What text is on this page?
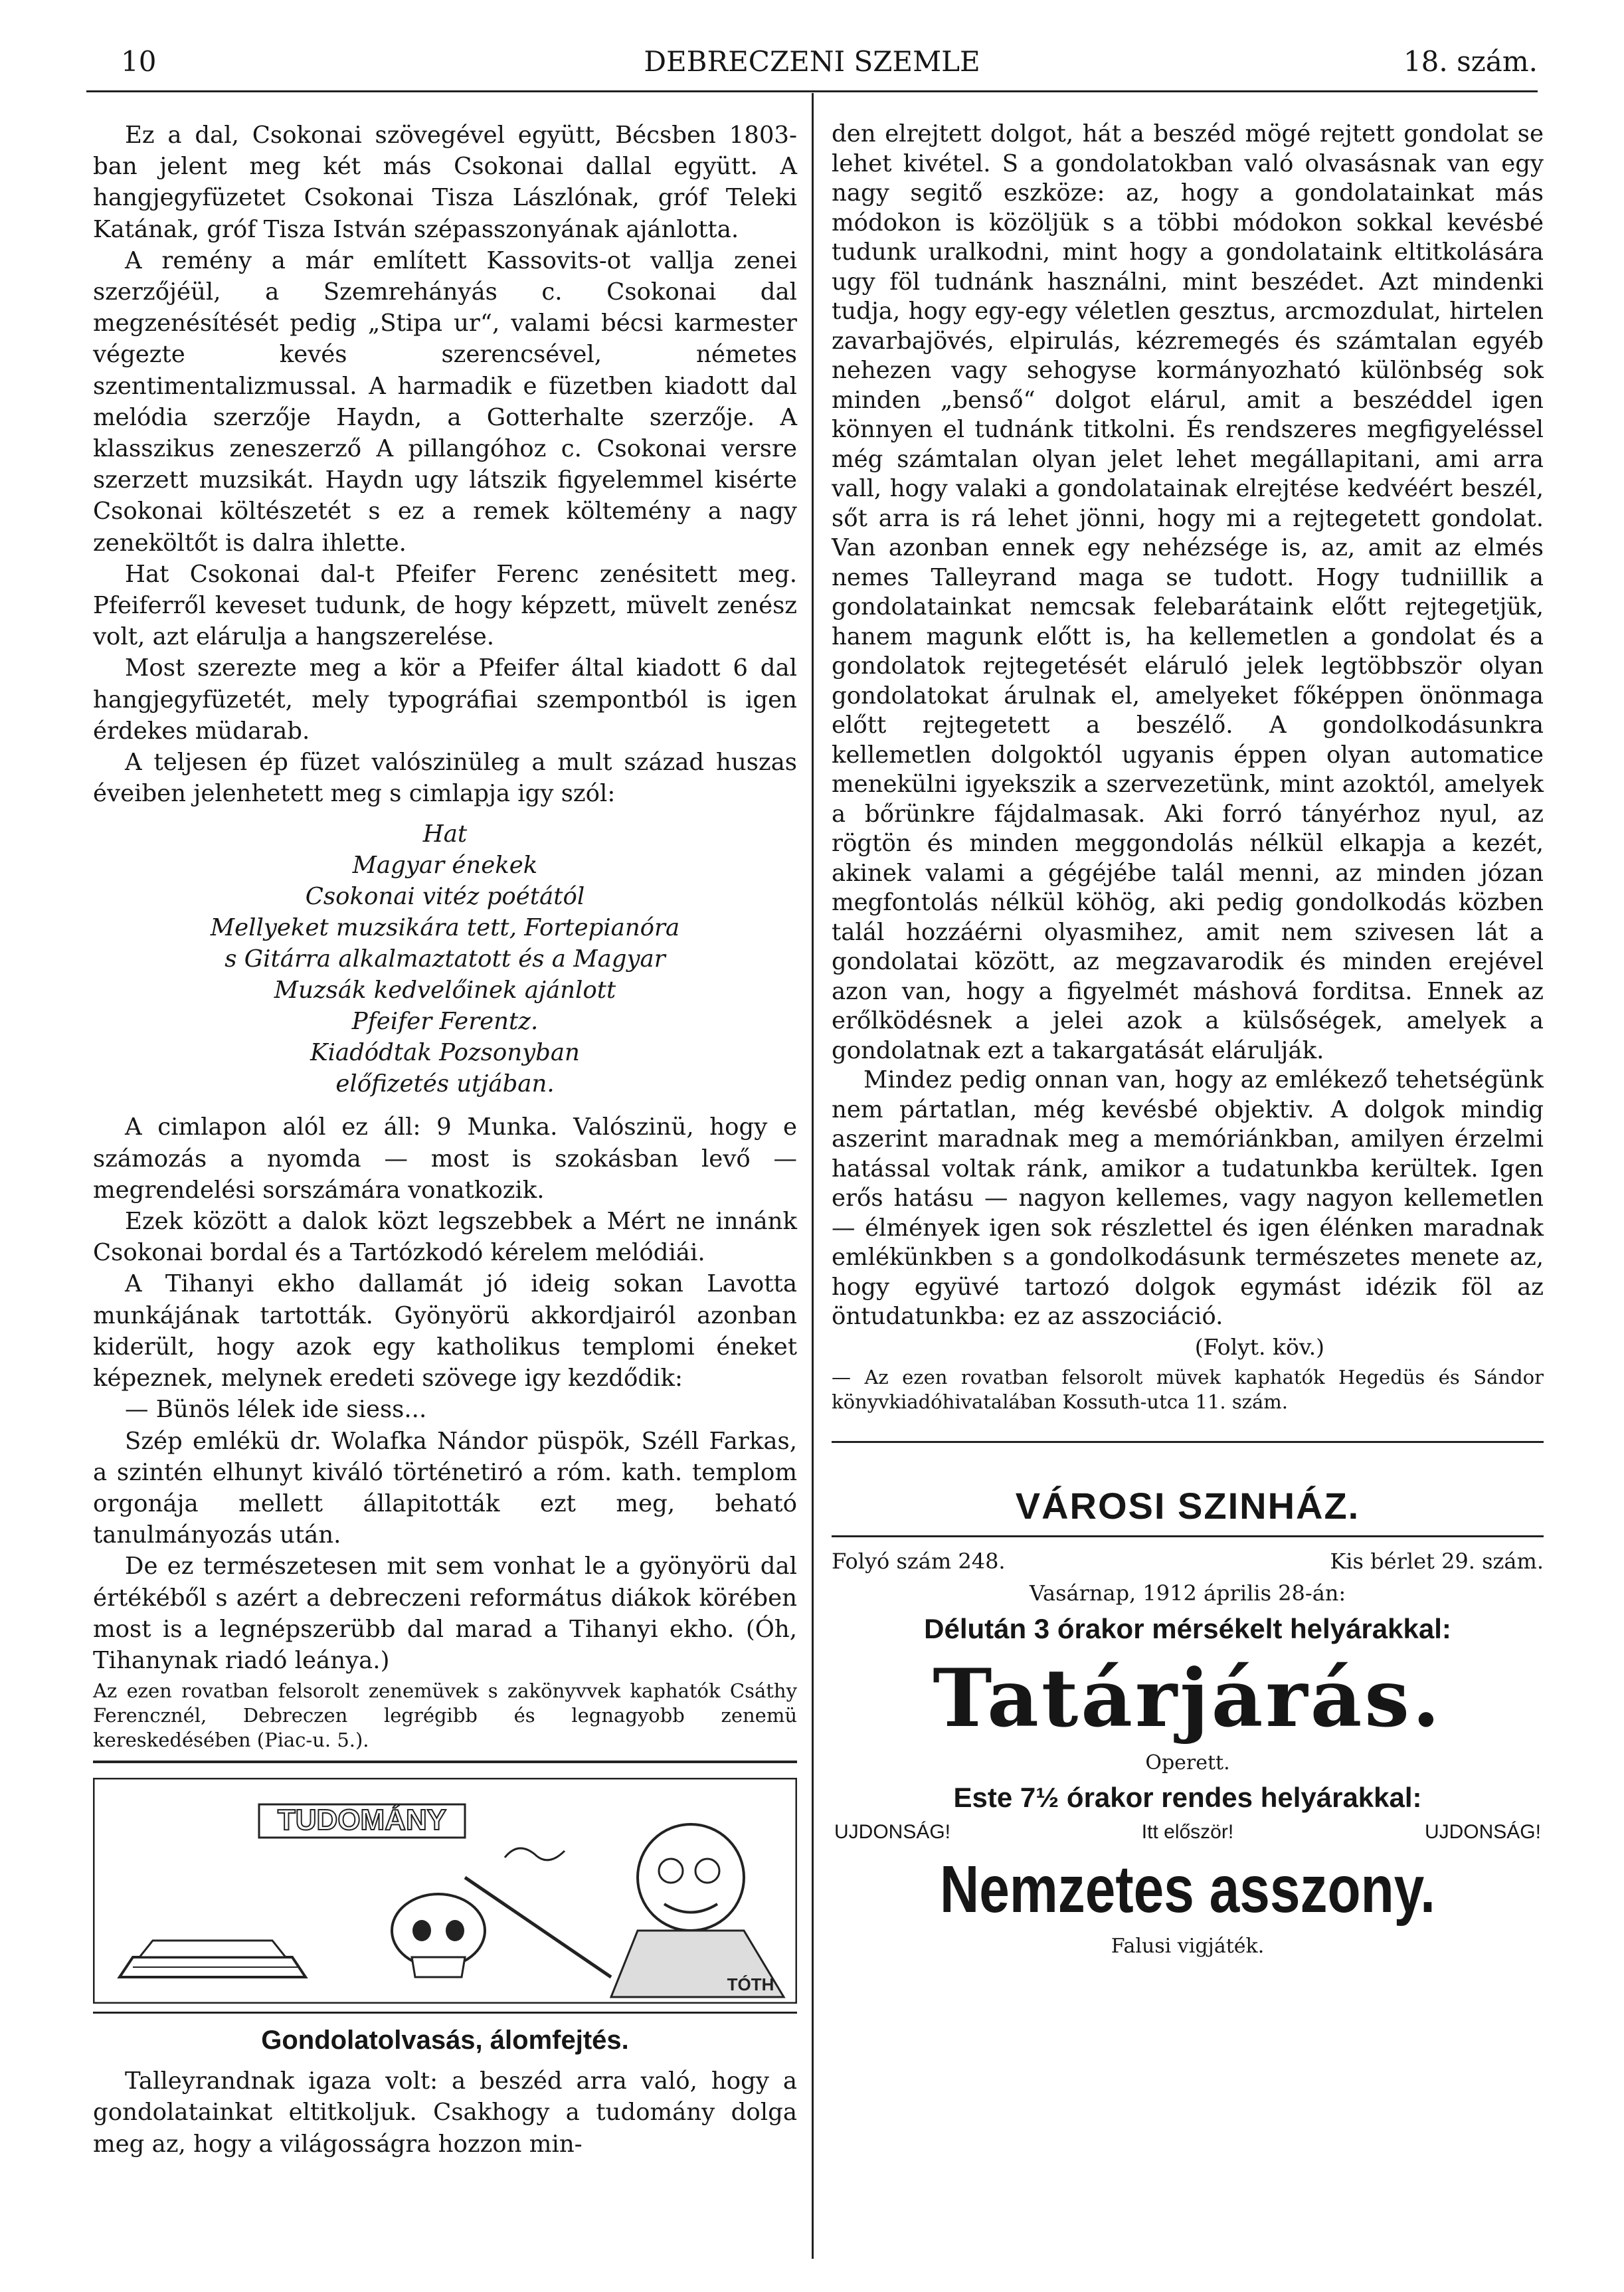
10	DEBRECZENI SZEMLE	18. szám.

Ez a dal, Csokonai szövegével együtt, Bécsben 1803-ban jelent meg két más Csokonai dallal együtt. A hangjegyfüzetet Csokonai Tisza Lászlónak, gróf Teleki Katának, gróf Tisza István szépasszonyának ajánlotta.

A remény a már említett Kassovits-ot vallja zenei szerzőjéül, a Szemrehányás c. Csokonai dal megzenésítését pedig „Stipa ur“, valami bécsi karmester végezte kevés szerencsével, németes szentimentalizmussal. A harmadik e füzetben kiadott dal melódia szerzője Haydn, a Gotterhalte szerzője. A klasszikus zeneszerző A pillangóhoz c. Csokonai versre szerzett muzsikát. Haydn ugy látszik figyelemmel kisérte Csokonai költészetét s ez a remek költemény a nagy zeneköltőt is dalra ihlette.

Hat Csokonai dal-t Pfeifer Ferenc zenésitett meg. Pfeiferről keveset tudunk, de hogy képzett, müvelt zenész volt, azt elárulja a hangszerelése.

Most szerezte meg a kör a Pfeifer által kiadott 6 dal hangjegyfüzetét, mely typográfiai szempontból is igen érdekes müdarab.

A teljesen ép füzet valószinüleg a mult század huszas éveiben jelenhetett meg s cimlapja igy szól:

Hat
Magyar énekek
Csokonai vitéz poétától
Mellyeket muzsikára tett, Fortepianóra
s Gitárra alkalmaztatott és a Magyar
Muzsák kedvelőinek ajánlott
Pfeifer Ferentz.
Kiadódtak Pozsonyban
előfizetés utjában.

A cimlapon alól ez áll: 9 Munka. Valószinü, hogy e számozás a nyomda — most is szokásban levő — megrendelési sorszámára vonatkozik.

Ezek között a dalok közt legszebbek a Mért ne innánk Csokonai bordal és a Tartózkodó kérelem melódiái.

A Tihanyi ekho dallamát jó ideig sokan Lavotta munkájának tartották. Gyönyörü akkordjairól azonban kiderült, hogy azok egy katholikus templomi éneket képeznek, melynek eredeti szövege igy kezdődik:

— Bünös lélek ide siess...

Szép emlékü dr. Wolafka Nándor püspök, Széll Farkas, a szintén elhunyt kiváló történetiró a róm. kath. templom orgonája mellett állapitották ezt meg, beható tanulmányozás után.

De ez természetesen mit sem vonhat le a gyönyörü dal értékéből s azért a debreczeni református diákok körében most is a legnépszerübb dal marad a Tihanyi ekho. (Óh, Tihanynak riadó leánya.)

Az ezen rovatban felsorolt zenemüvek s zakönyvvek kaphatók Csáthy Ferencznél, Debreczen legrégibb és legnagyobb zenemü kereskedésében (Piac-u. 5.).
TUDOMÁNY
TÓTH
Gondolatolvasás, álomfejtés.

Talleyrandnak igaza volt: a beszéd arra való, hogy a gondolatainkat eltitkoljuk. Csakhogy a tudomány dolga meg az, hogy a világosságra hozzon min-

den elrejtett dolgot, hát a beszéd mögé rejtett gondolat se lehet kivétel. S a gondolatokban való olvasásnak van egy nagy segitő eszköze: az, hogy a gondolatainkat más módokon is közöljük s a többi módokon sokkal kevésbé tudunk uralkodni, mint hogy a gondolataink eltitkolására ugy föl tudnánk használni, mint beszédet. Azt mindenki tudja, hogy egy-egy véletlen gesztus, arcmozdulat, hirtelen zavarbajövés, elpirulás, kézremegés és számtalan egyéb nehezen vagy sehogyse kormányozható különbség sok minden „benső“ dolgot elárul, amit a beszéddel igen könnyen el tudnánk titkolni. És rendszeres megfigyeléssel még számtalan olyan jelet lehet megállapitani, ami arra vall, hogy valaki a gondolatainak elrejtése kedvéért beszél, sőt arra is rá lehet jönni, hogy mi a rejtegetett gondolat. Van azonban ennek egy nehézsége is, az, amit az elmés nemes Talleyrand maga se tudott. Hogy tudniillik a gondolatainkat nemcsak felebarátaink előtt rejtegetjük, hanem magunk előtt is, ha kellemetlen a gondolat és a gondolatok rejtegetését eláruló jelek legtöbbször olyan gondolatokat árulnak el, amelyeket főképpen önönmaga előtt rejtegetett a beszélő. A gondolkodásunkra kellemetlen dolgoktól ugyanis éppen olyan automatice menekülni igyekszik a szervezetünk, mint azoktól, amelyek a bőrünkre fájdalmasak. Aki forró tányérhoz nyul, az rögtön és minden meggondolás nélkül elkapja a kezét, akinek valami a gégéjébe talál menni, az minden józan megfontolás nélkül köhög, aki pedig gondolkodás közben talál hozzáérni olyasmihez, amit nem szivesen lát a gondolatai között, az megzavarodik és minden erejével azon van, hogy a figyelmét máshová forditsa. Ennek az erőlködésnek a jelei azok a külsőségek, amelyek a gondolatnak ezt a takargatását elárulják.

Mindez pedig onnan van, hogy az emlékező tehetségünk nem pártatlan, még kevésbé objektiv. A dolgok mindig aszerint maradnak meg a memóriánkban, amilyen érzelmi hatással voltak ránk, amikor a tudatunkba kerültek. Igen erős hatásu — nagyon kellemes, vagy nagyon kellemetlen — élmények igen sok részlettel és igen élénken maradnak emlékünkben s a gondolkodásunk természetes menete az, hogy együvé tartozó dolgok egymást idézik föl az öntudatunkba: ez az asszociáció.

(Folyt. köv.)
— Az ezen rovatban felsorolt müvek kaphatók Hegedüs és Sándor könyvkiadóhivatalában Kossuth-utca 11. szám.
VÁROSI SZINHÁZ.
Folyó szám 248.	Kis bérlet 29. szám.
Vasárnap, 1912 április 28-án:
Délután 3 órakor mérsékelt helyárakkal:
Tatárjárás.
Operett.
Este 7½ órakor rendes helyárakkal:
UJDONSÁG!	Itt először!	UJDONSÁG!
Nemzetes asszony.
Falusi vigjáték.
